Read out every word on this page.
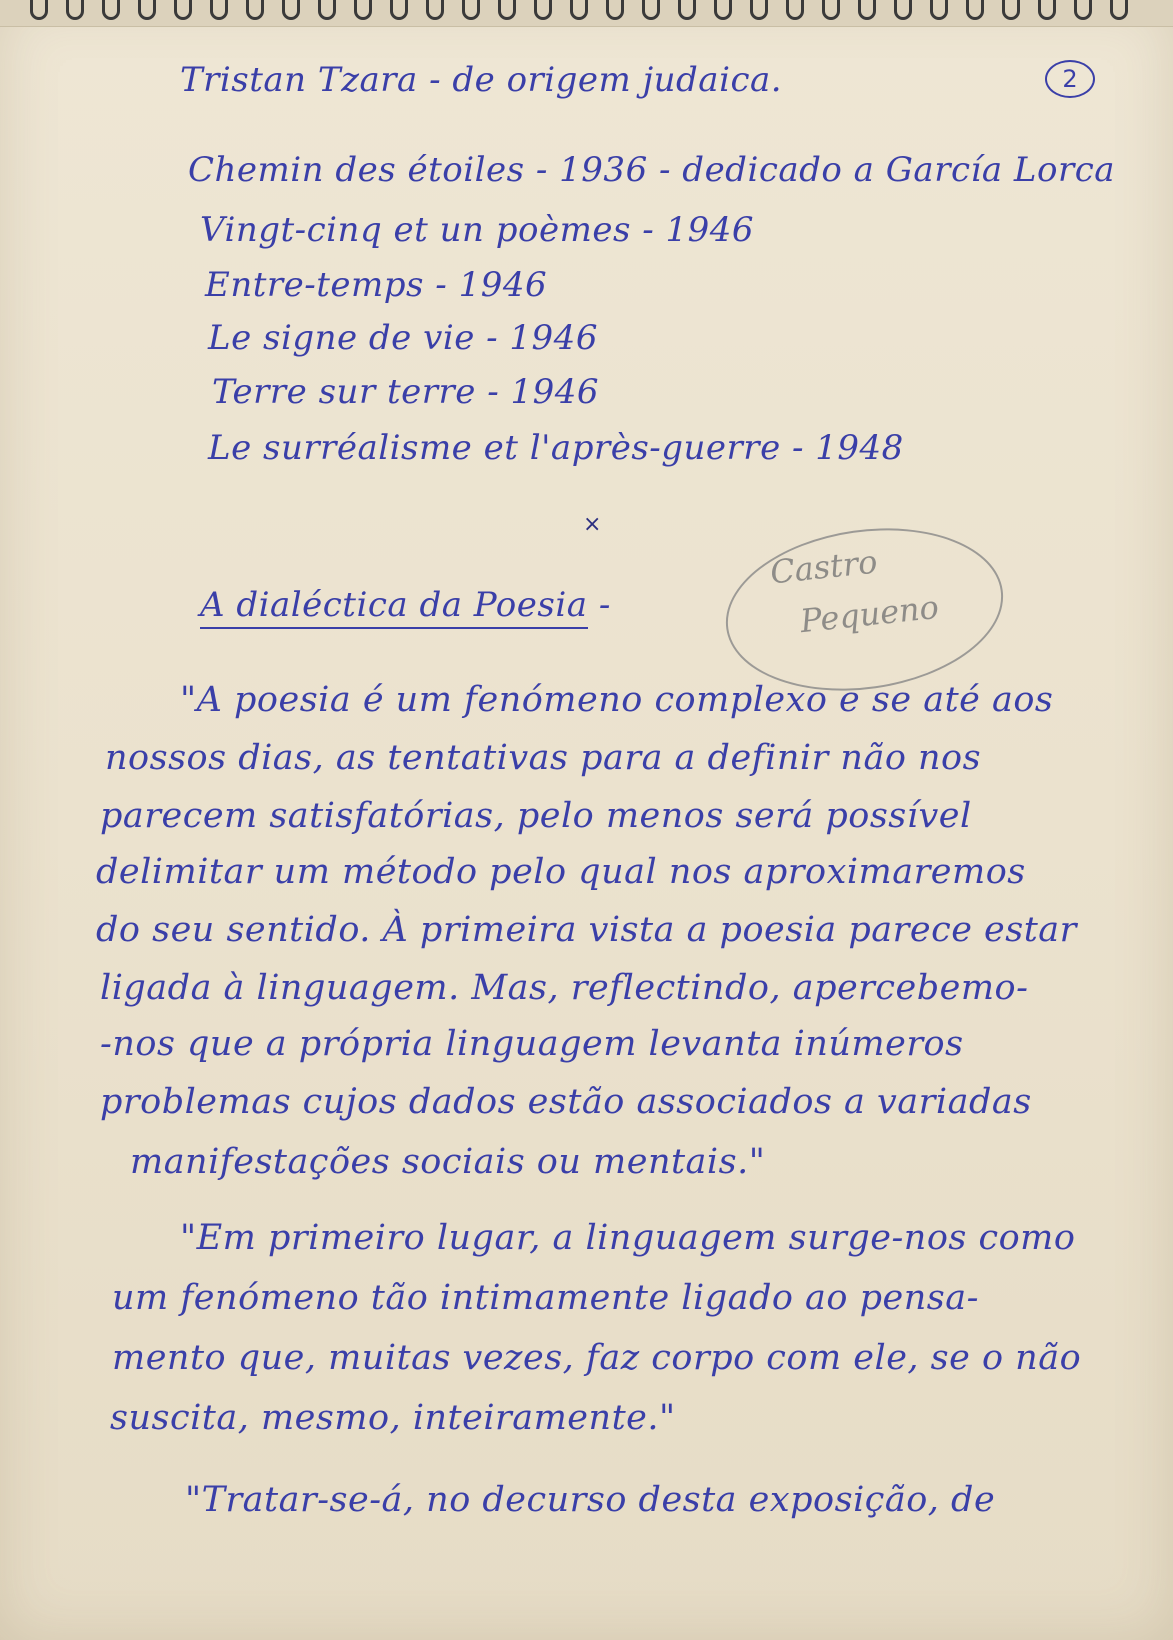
2
Tristan Tzara - de origem judaica.
Chemin des étoiles - 1936 - dedicado a García Lorca
Vingt-cinq et un poèmes - 1946
Entre-temps - 1946
Le signe de vie - 1946
Terre sur terre - 1946
Le surréalisme et l'après-guerre - 1948
×
A dialéctica da Poesia -
Castro
Pequeno
"A poesia é um fenómeno complexo e se até aos
nossos dias, as tentativas para a definir não nos
parecem satisfatórias, pelo menos será possível
delimitar um método pelo qual nos aproximaremos
do seu sentido. À primeira vista a poesia parece estar
ligada à linguagem. Mas, reflectindo, apercebemo-
-nos que a própria linguagem levanta inúmeros
problemas cujos dados estão associados a variadas
manifestações sociais ou mentais."
"Em primeiro lugar, a linguagem surge-nos como
um fenómeno tão intimamente ligado ao pensa-
mento que, muitas vezes, faz corpo com ele, se o não
suscita, mesmo, inteiramente."
"Tratar-se-á, no decurso desta exposição, de
